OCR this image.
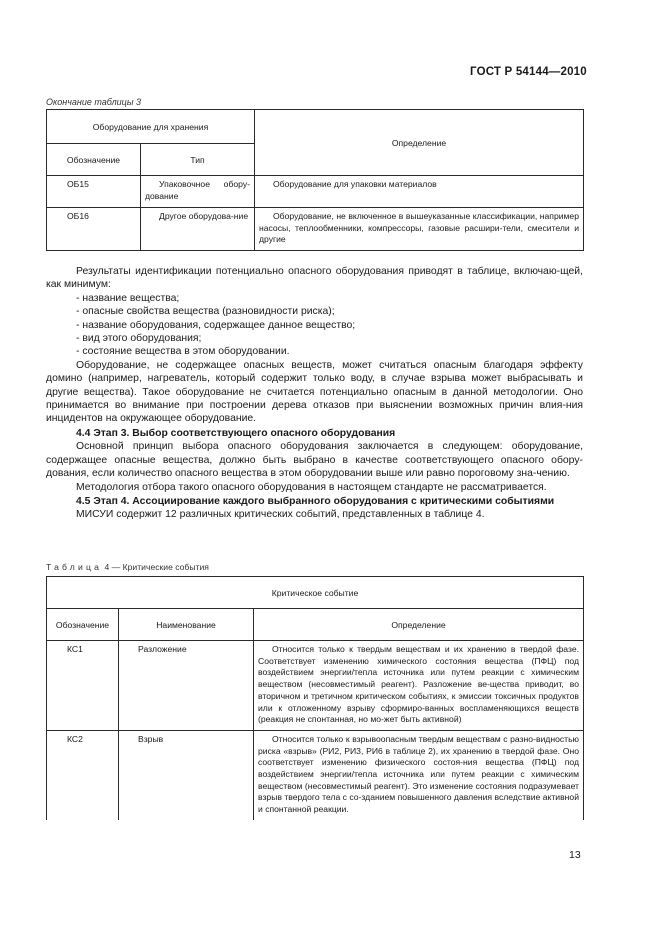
ГОСТ Р 54144—2010
Окончание таблицы 3
Оборудование для хранения		Определение
Обозначение	Тип	
ОБ15	Упаковочное обору-дование	Оборудование для упаковки материалов
ОБ16	Другое оборудова-ние	Оборудование, не включенное в вышеуказанные классификации, например насосы, теплообменники, компрессоры, газовые расшири-тели, смесители и другие

Результаты идентификации потенциально опасного оборудования приводят в таблице, включаю-щей, как минимум:

- название вещества;

- опасные свойства вещества (разновидности риска);

- название оборудования, содержащее данное вещество;

- вид этого оборудования;

- состояние вещества в этом оборудовании.

Оборудование, не содержащее опасных веществ, может считаться опасным благодаря эффекту домино (например, нагреватель, который содержит только воду, в случае взрыва может выбрасывать и другие вещества). Такое оборудование не считается потенциально опасным в данной методологии. Оно принимается во внимание при построении дерева отказов при выяснении возможных причин влия-ния инцидентов на окружающее оборудование.

4.4 Этап 3. Выбор соответствующего опасного оборудования

Основной принцип выбора опасного оборудования заключается в следующем: оборудование, содержащее опасные вещества, должно быть выбрано в качестве соответствующего опасного обору-дования, если количество опасного вещества в этом оборудовании выше или равно пороговому зна-чению.

Методология отбора такого опасного оборудования в настоящем стандарте не рассматривается.

4.5 Этап 4. Ассоциирование каждого выбранного оборудования с критическими событиями

МИСУИ содержит 12 различных критических событий, представленных в таблице 4.

Таблица 4 — Критические события
Критическое событие		
Обозначение	Наименование	Определение
КС1	Разложение	Относится только к твердым веществам и их хранению в твердой фазе. Соответствует изменению химического состояния вещества (ПФЦ) под воздействием энергии/тепла источника или путем реакции с химическим веществом (несовместимый реагент). Разложение ве-щества приводит, во вторичном и третичном критическом событиях, к эмиссии токсичных продуктов или к отложенному взрыву сформиро-ванных воспламеняющихся веществ (реакция не спонтанная, но мо-жет быть активной)
КС2	Взрыв	Относится только к взрывоопасным твердым веществам с разно-видностью риска «взрыв» (РИ2, РИ3, РИ6 в таблице 2), их хранению в твердой фазе. Оно соответствует изменению физического состоя-ния вещества (ПФЦ) под воздействием энергии/тепла источника или путем реакции с химическим веществом (несовместимый реагент). Это изменение состояния подразумевает взрыв твердого тела с со-зданием повышенного давления вследствие активной и спонтанной реакции.
13
